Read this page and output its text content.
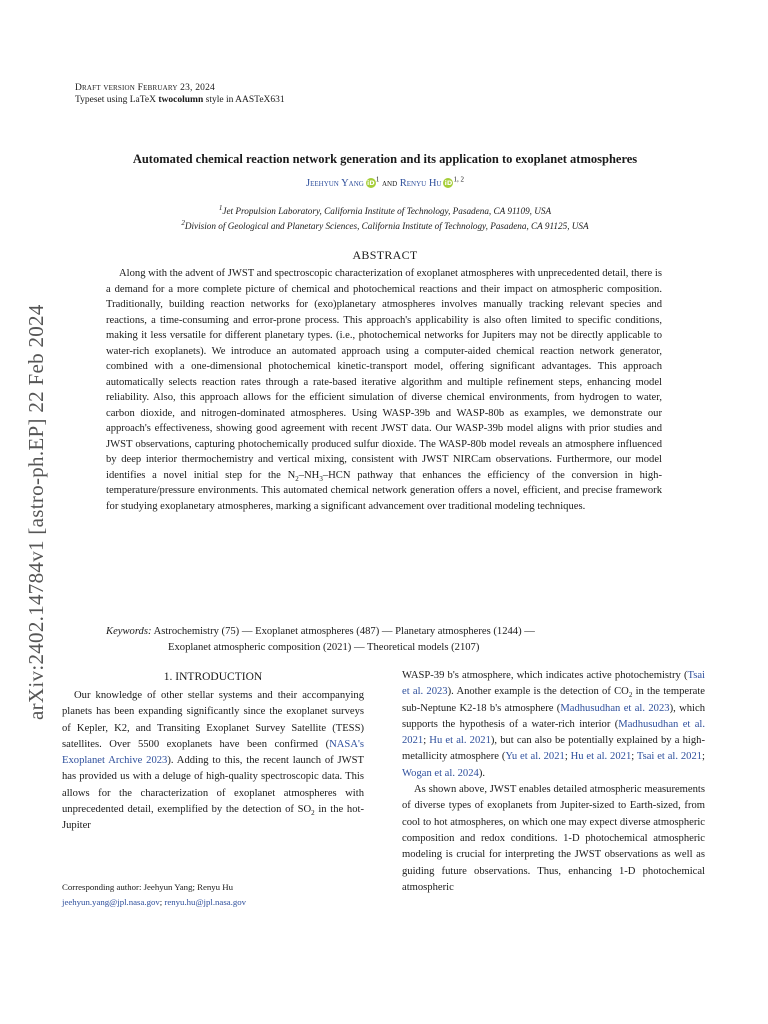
arXiv:2402.14784v1 [astro-ph.EP] 22 Feb 2024
Draft version February 23, 2024
Typeset using LaTeX twocolumn style in AASTeX631
Automated chemical reaction network generation and its application to exoplanet atmospheres
Jeehyun Yang $iD^1$ and Renyu Hu iD$^{1, 2}$
$^1$Jet Propulsion Laboratory, California Institute of Technology, Pasadena, CA 91109, USA
$^2$Division of Geological and Planetary Sciences, California Institute of Technology, Pasadena, CA 91125, USA
ABSTRACT
Along with the advent of JWST and spectroscopic characterization of exoplanet atmospheres with unprecedented detail, there is a demand for a more complete picture of chemical and photochemical reactions and their impact on atmospheric composition. Traditionally, building reaction networks for (exo)planetary atmospheres involves manually tracking relevant species and reactions, a time-consuming and error-prone process. This approach's applicability is also often limited to specific conditions, making it less versatile for different planetary types. (i.e., photochemical networks for Jupiters may not be directly applicable to water-rich exoplanets). We introduce an automated approach using a computer-aided chemical reaction network generator, combined with a one-dimensional photochemical kinetic-transport model, offering significant advantages. This approach automatically selects reaction rates through a rate-based iterative algorithm and multiple refinement steps, enhancing model reliability. Also, this approach allows for the efficient simulation of diverse chemical environments, from hydrogen to water, carbon dioxide, and nitrogen-dominated atmospheres. Using WASP-39b and WASP-80b as examples, we demonstrate our approach's effectiveness, showing good agreement with recent JWST data. Our WASP-39b model aligns with prior studies and JWST observations, capturing photochemically produced sulfur dioxide. The WASP-80b model reveals an atmosphere influenced by deep interior thermochemistry and vertical mixing, consistent with JWST NIRCam observations. Furthermore, our model identifies a novel initial step for the $N_2-NH_3$–HCN pathway that enhances the efficiency of the conversion in high-temperature/pressure environments. This automated chemical network generation offers a novel, efficient, and precise framework for studying exoplanetary atmospheres, marking a significant advancement over traditional modeling techniques.
Keywords: Astrochemistry (75) — Exoplanet atmospheres (487) — Planetary atmospheres (1244) —
Exoplanet atmospheric composition (2021) — Theoretical models (2107)
1. INTRODUCTION
Our knowledge of other stellar systems and their accompanying planets has been expanding significantly since the exoplanet surveys of Kepler, K2, and Transiting Exoplanet Survey Satellite (TESS) satellites. Over 5500 exoplanets have been confirmed (NASA's Exoplanet Archive 2023). Adding to this, the recent launch of JWST has provided us with a deluge of high-quality spectroscopic data. This allows for the characterization of exoplanet atmospheres with unprecedented detail, exemplified by the detection of $SO_2$ in the hot-Jupiter

WASP-39 b's atmosphere, which indicates active photochemistry (Tsai et al. 2023). Another example is the detection of $CO_2$ in the temperate sub-Neptune K2-18 b's atmosphere (Madhusudhan et al. 2023), which supports the hypothesis of a water-rich interior (Madhusudhan et al. 2021; Hu et al. 2021), but can also be potentially explained by a high-metallicity atmosphere (Yu et al. 2021; Hu et al. 2021; Tsai et al. 2021; Wogan et al. 2024).

As shown above, JWST enables detailed atmospheric measurements of diverse types of exoplanets from Jupiter-sized to Earth-sized, from cool to hot atmospheres, on which one may expect diverse atmospheric composition and redox conditions. 1-D photochemical atmospheric modeling is crucial for interpreting the JWST observations as well as guiding future observations. Thus, enhancing 1-D photochemical atmospheric

Corresponding author: Jeehyun Yang; Renyu Hu
jeehyun.yang@jpl.nasa.gov; renyu.hu@jpl.nasa.gov
